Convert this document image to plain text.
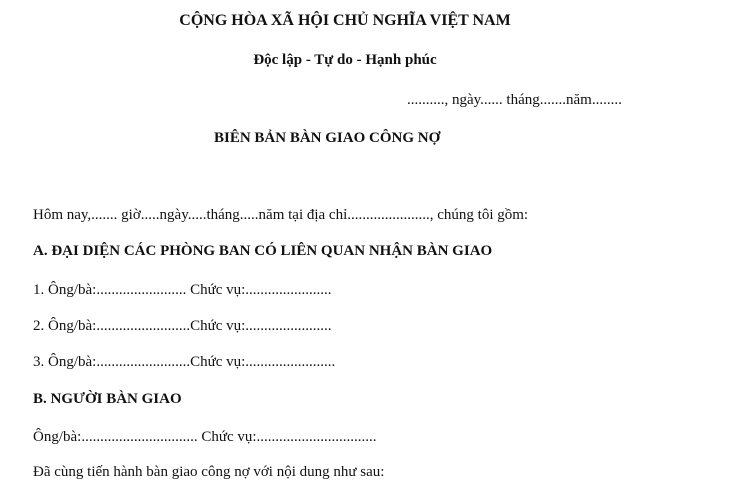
CỘNG HÒA XÃ HỘI CHỦ NGHĨA VIỆT NAM
Độc lập - Tự do - Hạnh phúc
.........., ngày...... tháng.......năm........
BIÊN BẢN BÀN GIAO CÔNG NỢ
Hôm nay,....... giờ.....ngày.....tháng.....năm tại địa chỉ......................, chúng tôi gồm:
A. ĐẠI DIỆN CÁC PHÒNG BAN CÓ LIÊN QUAN NHẬN BÀN GIAO
1. Ông/bà:........................ Chức vụ:.......................
2. Ông/bà:.........................Chức vụ:.......................
3. Ông/bà:.........................Chức vụ:........................
B. NGƯỜI BÀN GIAO
Ông/bà:............................... Chức vụ:................................
Đã cùng tiến hành bàn giao công nợ với nội dung như sau:
